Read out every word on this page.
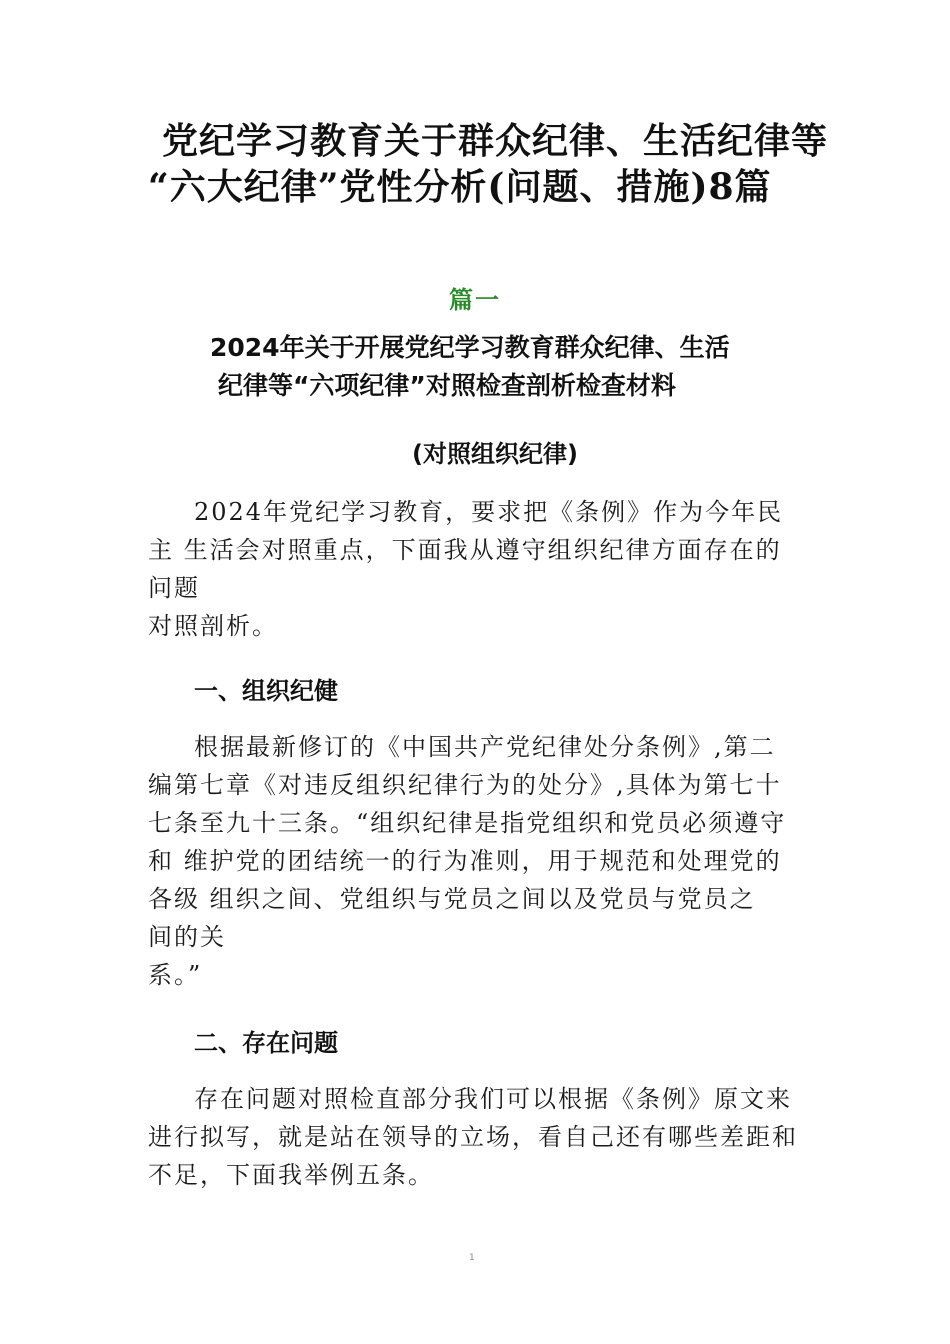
党纪学习教育关于群众纪律、生活纪律等
“六大纪律”党性分析(问题、措施)8篇
篇一
2024年关于开展党纪学习教育群众纪律、生活
纪律等“六项纪律”对照检查剖析检查材料
(对照组织纪律)
2024年党纪学习教育，要求把《条例》作为今年民
主 生活会对照重点，下面我从遵守组织纪律方面存在的
问题
对照剖析。
一、组织纪健
根据最新修订的《中国共产党纪律处分条例》,第二
编第七章《对违反组织纪律行为的处分》,具体为第七十
七条至九十三条。“组织纪律是指党组织和党员必须遵守
和 维护党的团结统一的行为准则，用于规范和处理党的
各级 组织之间、党组织与党员之间以及党员与党员之
间的关
系。”
二、存在问题
存在问题对照检直部分我们可以根据《条例》原文来
进行拟写，就是站在领导的立场，看自己还有哪些差距和
不足，下面我举例五条。
1
